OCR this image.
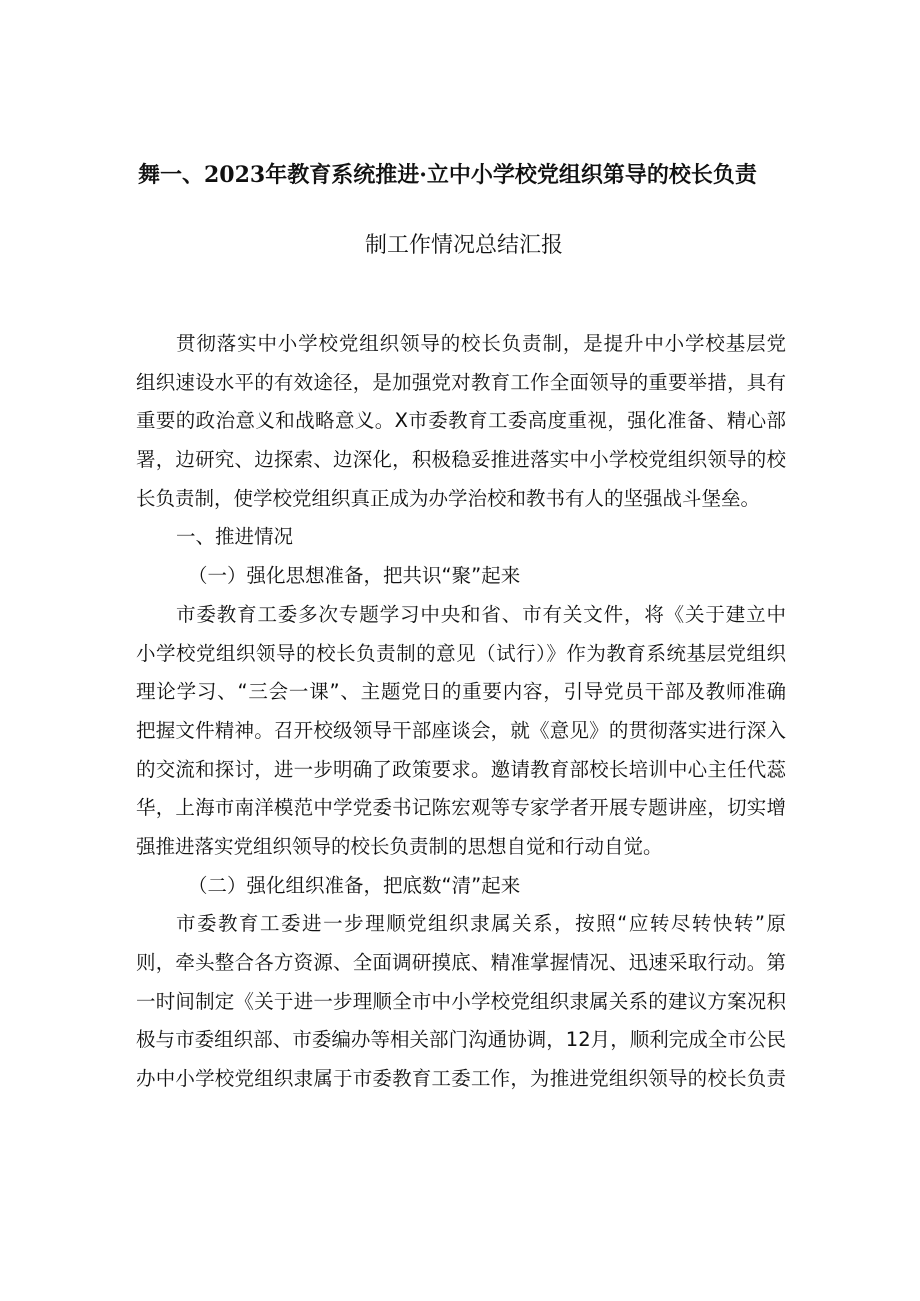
舞一、2023年教育系统推进·立中小学校党组织第导的校长负责
制工作情况总结汇报
贯彻落实中小学校党组织领导的校长负责制，是提升中小学校基层党
组织速设水平的有效途径，是加强党对教育工作全面领导的重要举措，具有
重要的政治意义和战略意义。X市委教育工委高度重视，强化准备、精心部
署，边研究、边探索、边深化，积极稳妥推进落实中小学校党组织领导的校
长负责制，使学校党组织真正成为办学治校和教书有人的坚强战斗堡垒。
一、推进情况
（一）强化思想准备，把共识“聚”起来
市委教育工委多次专题学习中央和省、市有关文件，将《关于建立中
小学校党组织领导的校长负责制的意见（试行）》作为教育系统基层党组织
理论学习、“三会一课”、主题党日的重要内容，引导党员干部及教师准确
把握文件精神。召开校级领导干部座谈会，就《意见》的贯彻落实进行深入
的交流和探讨，进一步明确了政策要求。邀请教育部校长培训中心主任代蕊
华，上海市南洋模范中学党委书记陈宏观等专家学者开展专题讲座，切实增
强推进落实党组织领导的校长负责制的思想自觉和行动自觉。
（二）强化组织准备，把底数“清”起来
市委教育工委进一步理顺党组织隶属关系，按照“应转尽转快转”原
则，牵头整合各方资源、全面调研摸底、精准掌握情况、迅速采取行动。第
一时间制定《关于进一步理顺全市中小学校党组织隶属关系的建议方案况积
极与市委组织部、市委编办等相关部门沟通协调，12月，顺利完成全市公民
办中小学校党组织隶属于市委教育工委工作，为推进党组织领导的校长负责
